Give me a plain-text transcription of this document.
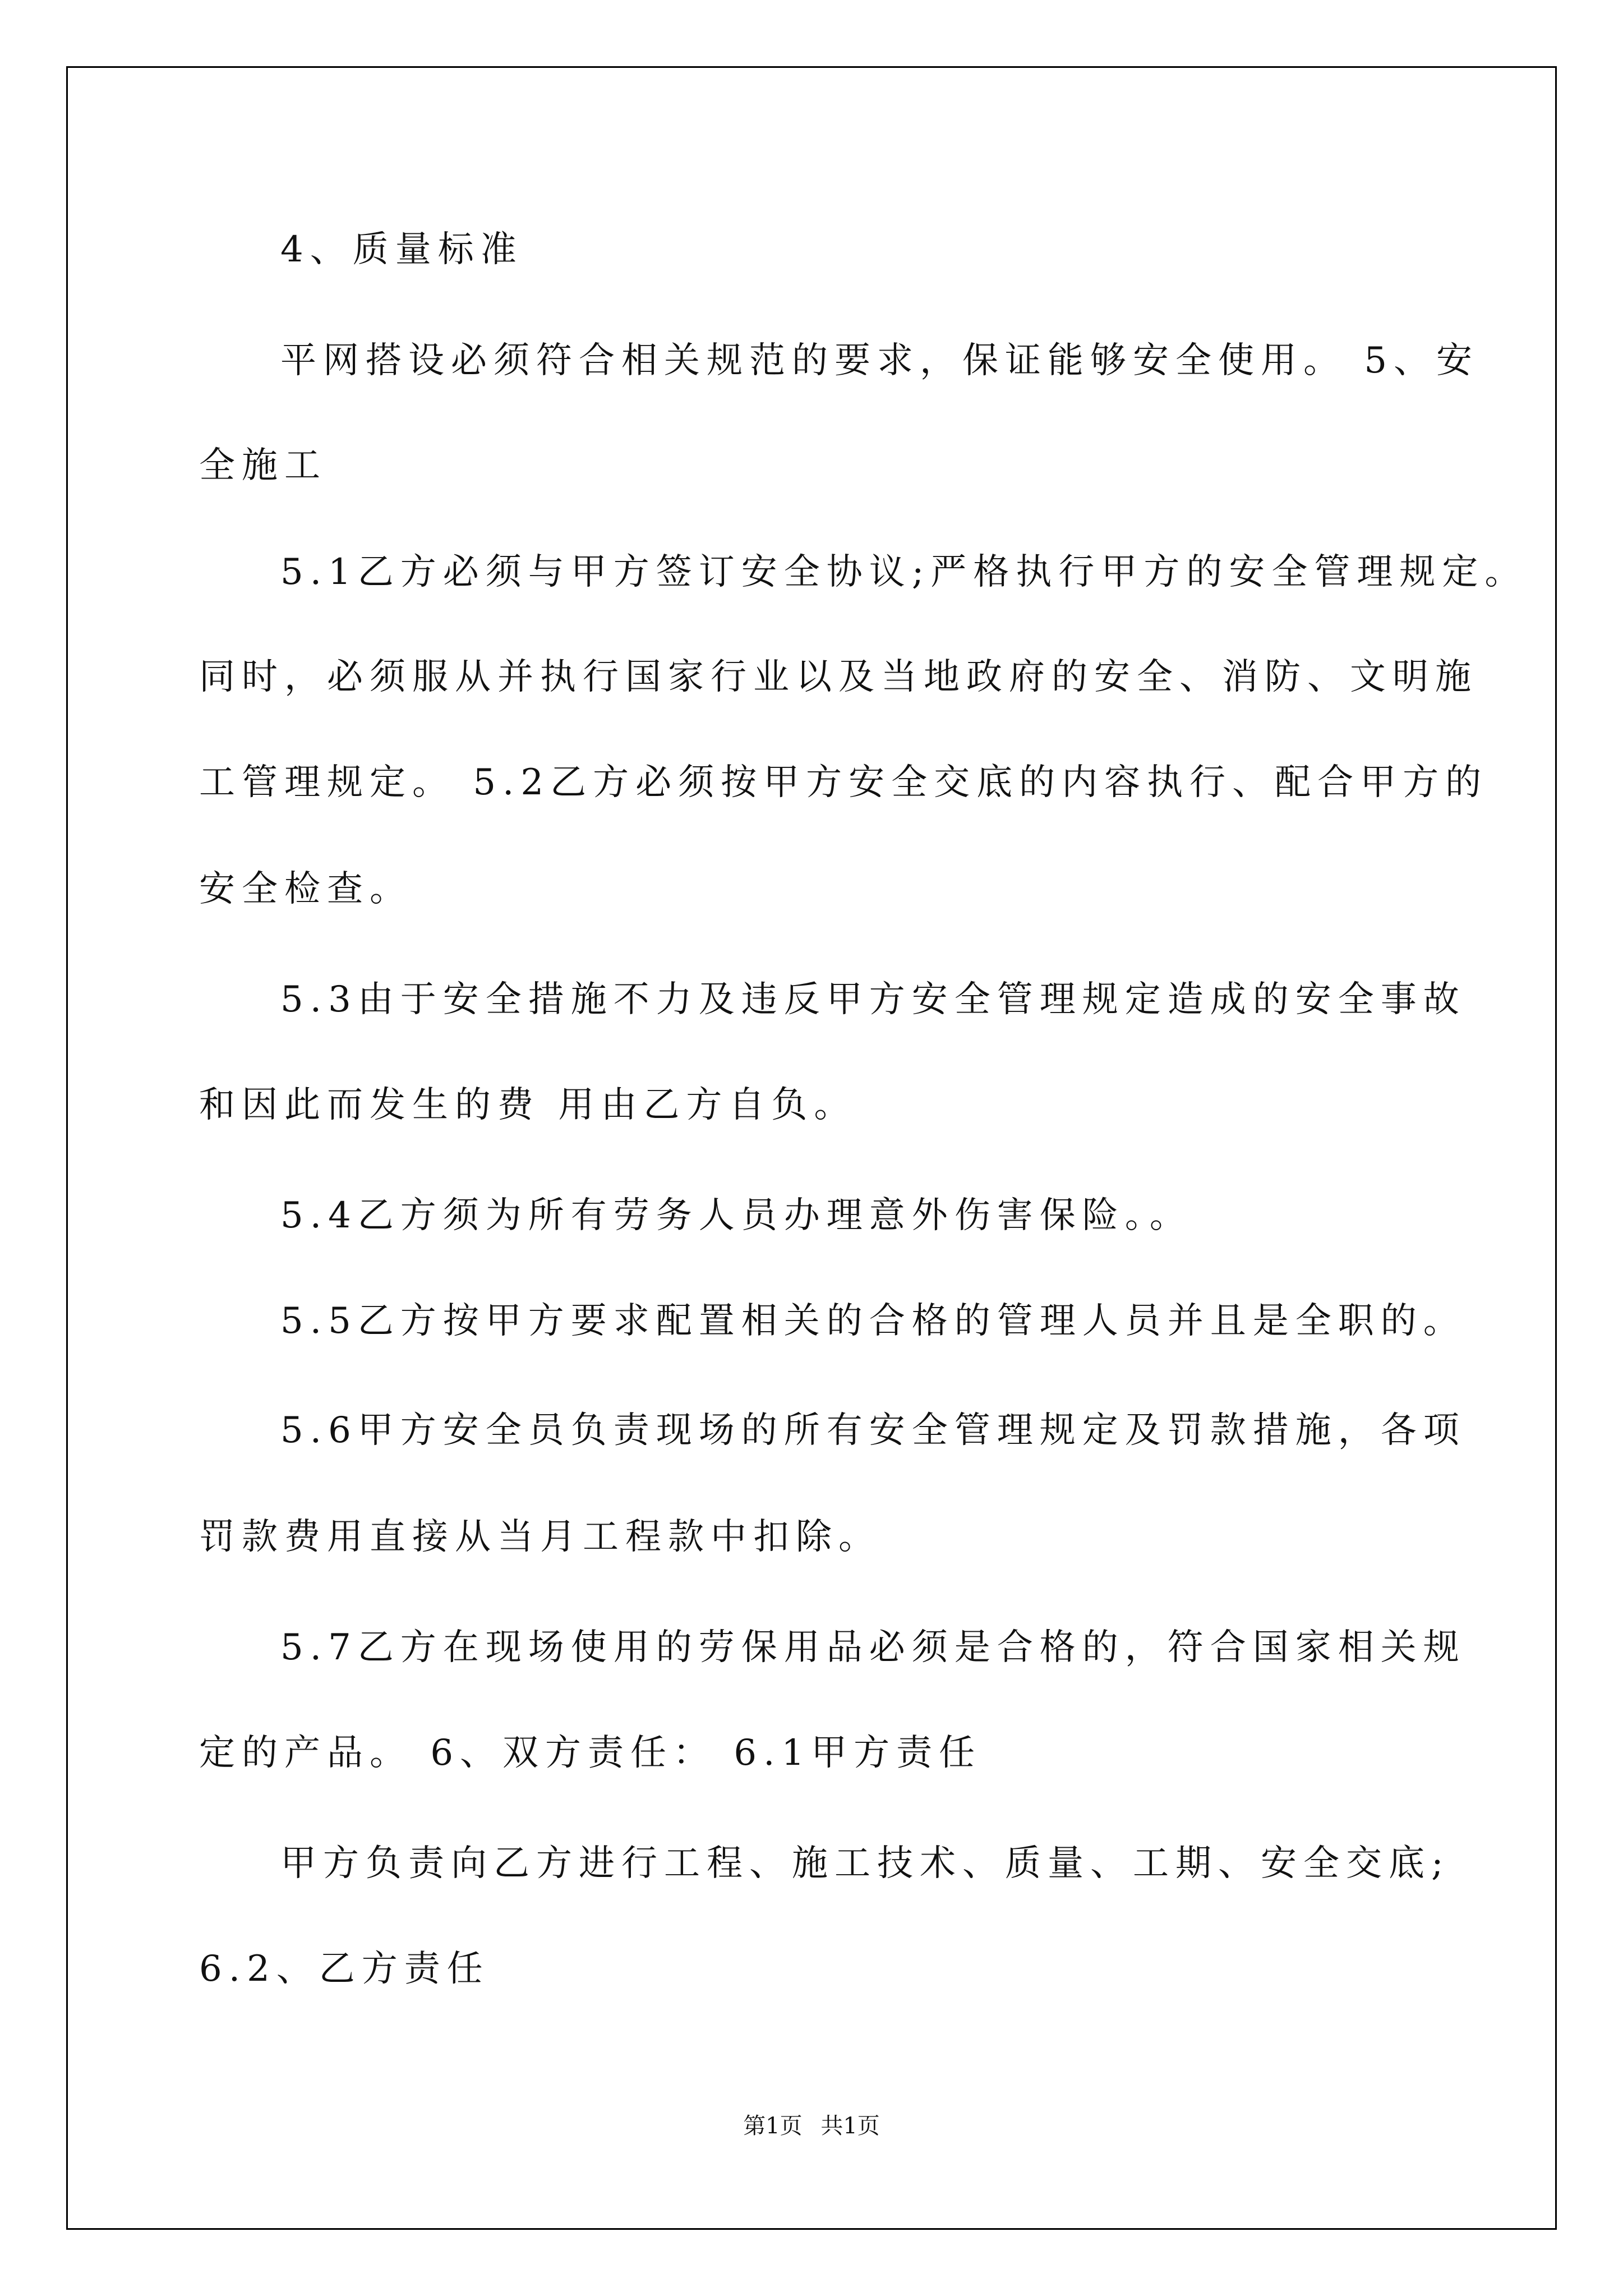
4、质量标准
平网搭设必须符合相关规范的要求，保证能够安全使用。 5、安
全施工
5.1乙方必须与甲方签订安全协议;严格执行甲方的安全管理规定。
同时，必须服从并执行国家行业以及当地政府的安全、消防、文明施
工管理规定。 5.2乙方必须按甲方安全交底的内容执行、配合甲方的
安全检查。
5.3由于安全措施不力及违反甲方安全管理规定造成的安全事故
和因此而发生的费 用由乙方自负。
5.4乙方须为所有劳务人员办理意外伤害保险。。
5.5乙方按甲方要求配置相关的合格的管理人员并且是全职的。
5.6甲方安全员负责现场的所有安全管理规定及罚款措施，各项
罚款费用直接从当月工程款中扣除。
5.7乙方在现场使用的劳保用品必须是合格的，符合国家相关规
定的产品。 6、双方责任： 6.1甲方责任
甲方负责向乙方进行工程、施工技术、质量、工期、安全交底;
6.2、乙方责任
第1页 共1页
